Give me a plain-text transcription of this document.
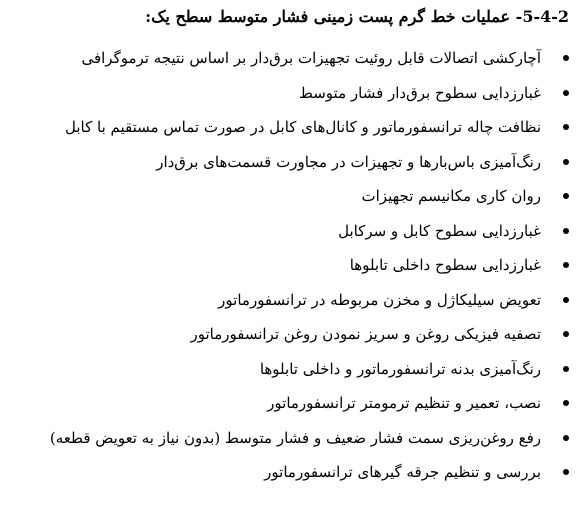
5-4-2- عملیات خط گرم پست زمینی فشار متوسط سطح یک:
آچارکشی اتصالات قابل روئیت تجهیزات برق‌دار بر اساس نتیجه ترموگرافی
غبارزدایی سطوح برق‌دار فشار متوسط
نظافت چاله ترانسفورماتور و کانال‌های کابل در صورت تماس مستقیم با کابل
رنگ‌آمیزی باس‌بارها و تجهیزات در مجاورت قسمت‌های برق‌دار
روان کاری مکانیسم تجهیزات
غبارزدایی سطوح کابل و سرکابل
غبارزدایی سطوح داخلی تابلوها
تعویض سیلیکاژل و مخزن مربوطه در ترانسفورماتور
تصفیه فیزیکی روغن و سریز نمودن روغن ترانسفورماتور
رنگ‌آمیزی بدنه ترانسفورماتور و داخلی تابلوها
نصب، تعمیر و تنظیم ترمومتر ترانسفورماتور
رفع روغن‌ریزی سمت فشار ضعیف و فشار متوسط (بدون نیاز به تعویض قطعه)
بررسی و تنظیم جرقه گیرهای ترانسفورماتور
